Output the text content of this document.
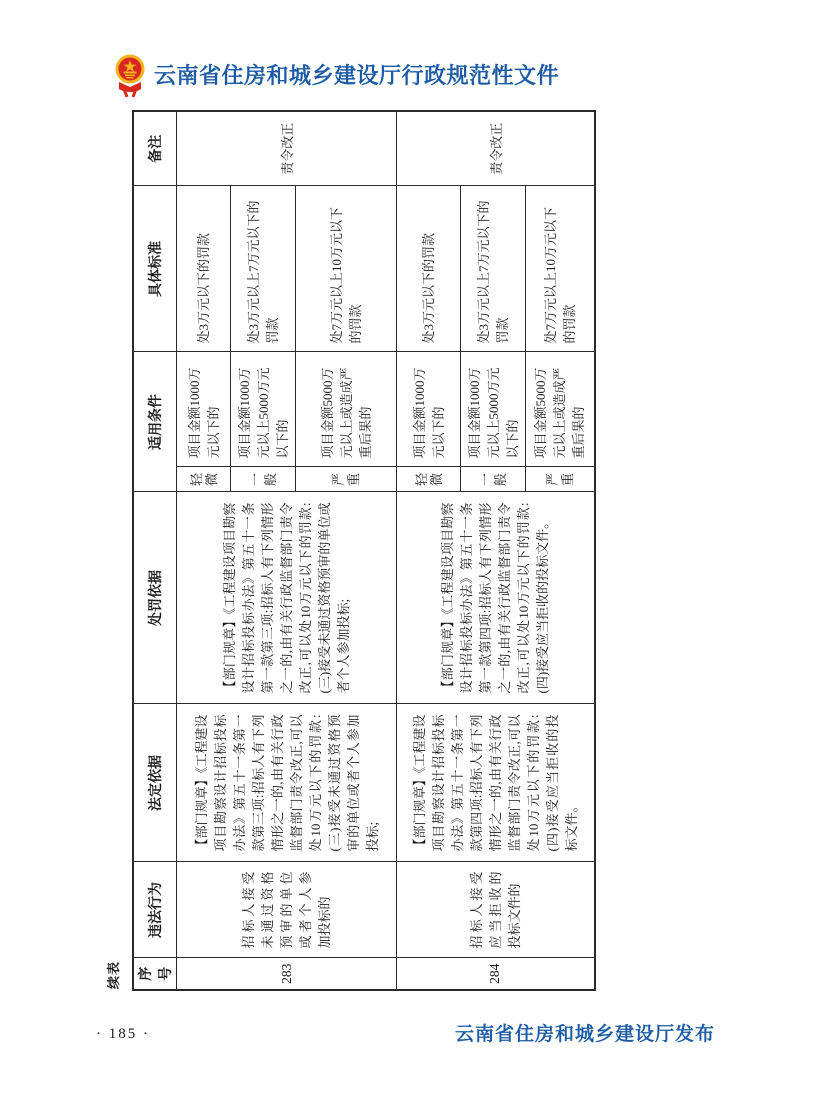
云南省住房和城乡建设厅行政规范性文件
续表 序号	违法行为	法定依据	处罚依据	适用条件		具体标准	备注
283	招标人接受未通过资格预审的单位或者个人参加投标的	【部门规章】《工程建设项目勘察设计招标投标办法》第五十一条第一款第三项:招标人有下列情形之一的,由有关行政监督部门责令改正,可以处10万元以下的罚款:(三)接受未通过资格预审的单位或者个人参加投标;	【部门规章】《工程建设项目勘察设计招标投标办法》第五十一条第一款第三项:招标人有下列情形之一的,由有关行政监督部门责令改正,可以处10万元以下的罚款:(三)接受未通过资格预审的单位或者个人参加投标;	轻微	项目金额1000万元以下的	处3万元以下的罚款	责令改正
				一般	项目金额1000万元以上5000万元以下的	处3万元以上7万元以下的罚款	
				严重	项目金额5000万元以上或造成严重后果的	处7万元以上10万元以下的罚款	
284	招标人接受应当拒收的投标文件的	【部门规章】《工程建设项目勘察设计招标投标办法》第五十一条第一款第四项:招标人有下列情形之一的,由有关行政监督部门责令改正,可以处10万元以下的罚款:(四)接受应当拒收的投标文件。	【部门规章】《工程建设项目勘察设计招标投标办法》第五十一条第一款第四项:招标人有下列情形之一的,由有关行政监督部门责令改正,可以处10万元以下的罚款:(四)接受应当拒收的投标文件。	轻微	项目金额1000万元以下的	处3万元以下的罚款	责令改正
				一般	项目金额1000万元以上5000万元以下的	处3万元以上7万元以下的罚款	
				严重	项目金额5000万元以上或造成严重后果的	处7万元以上10万元以下的罚款	
· 185 ·	云南省住房和城乡建设厅发布
